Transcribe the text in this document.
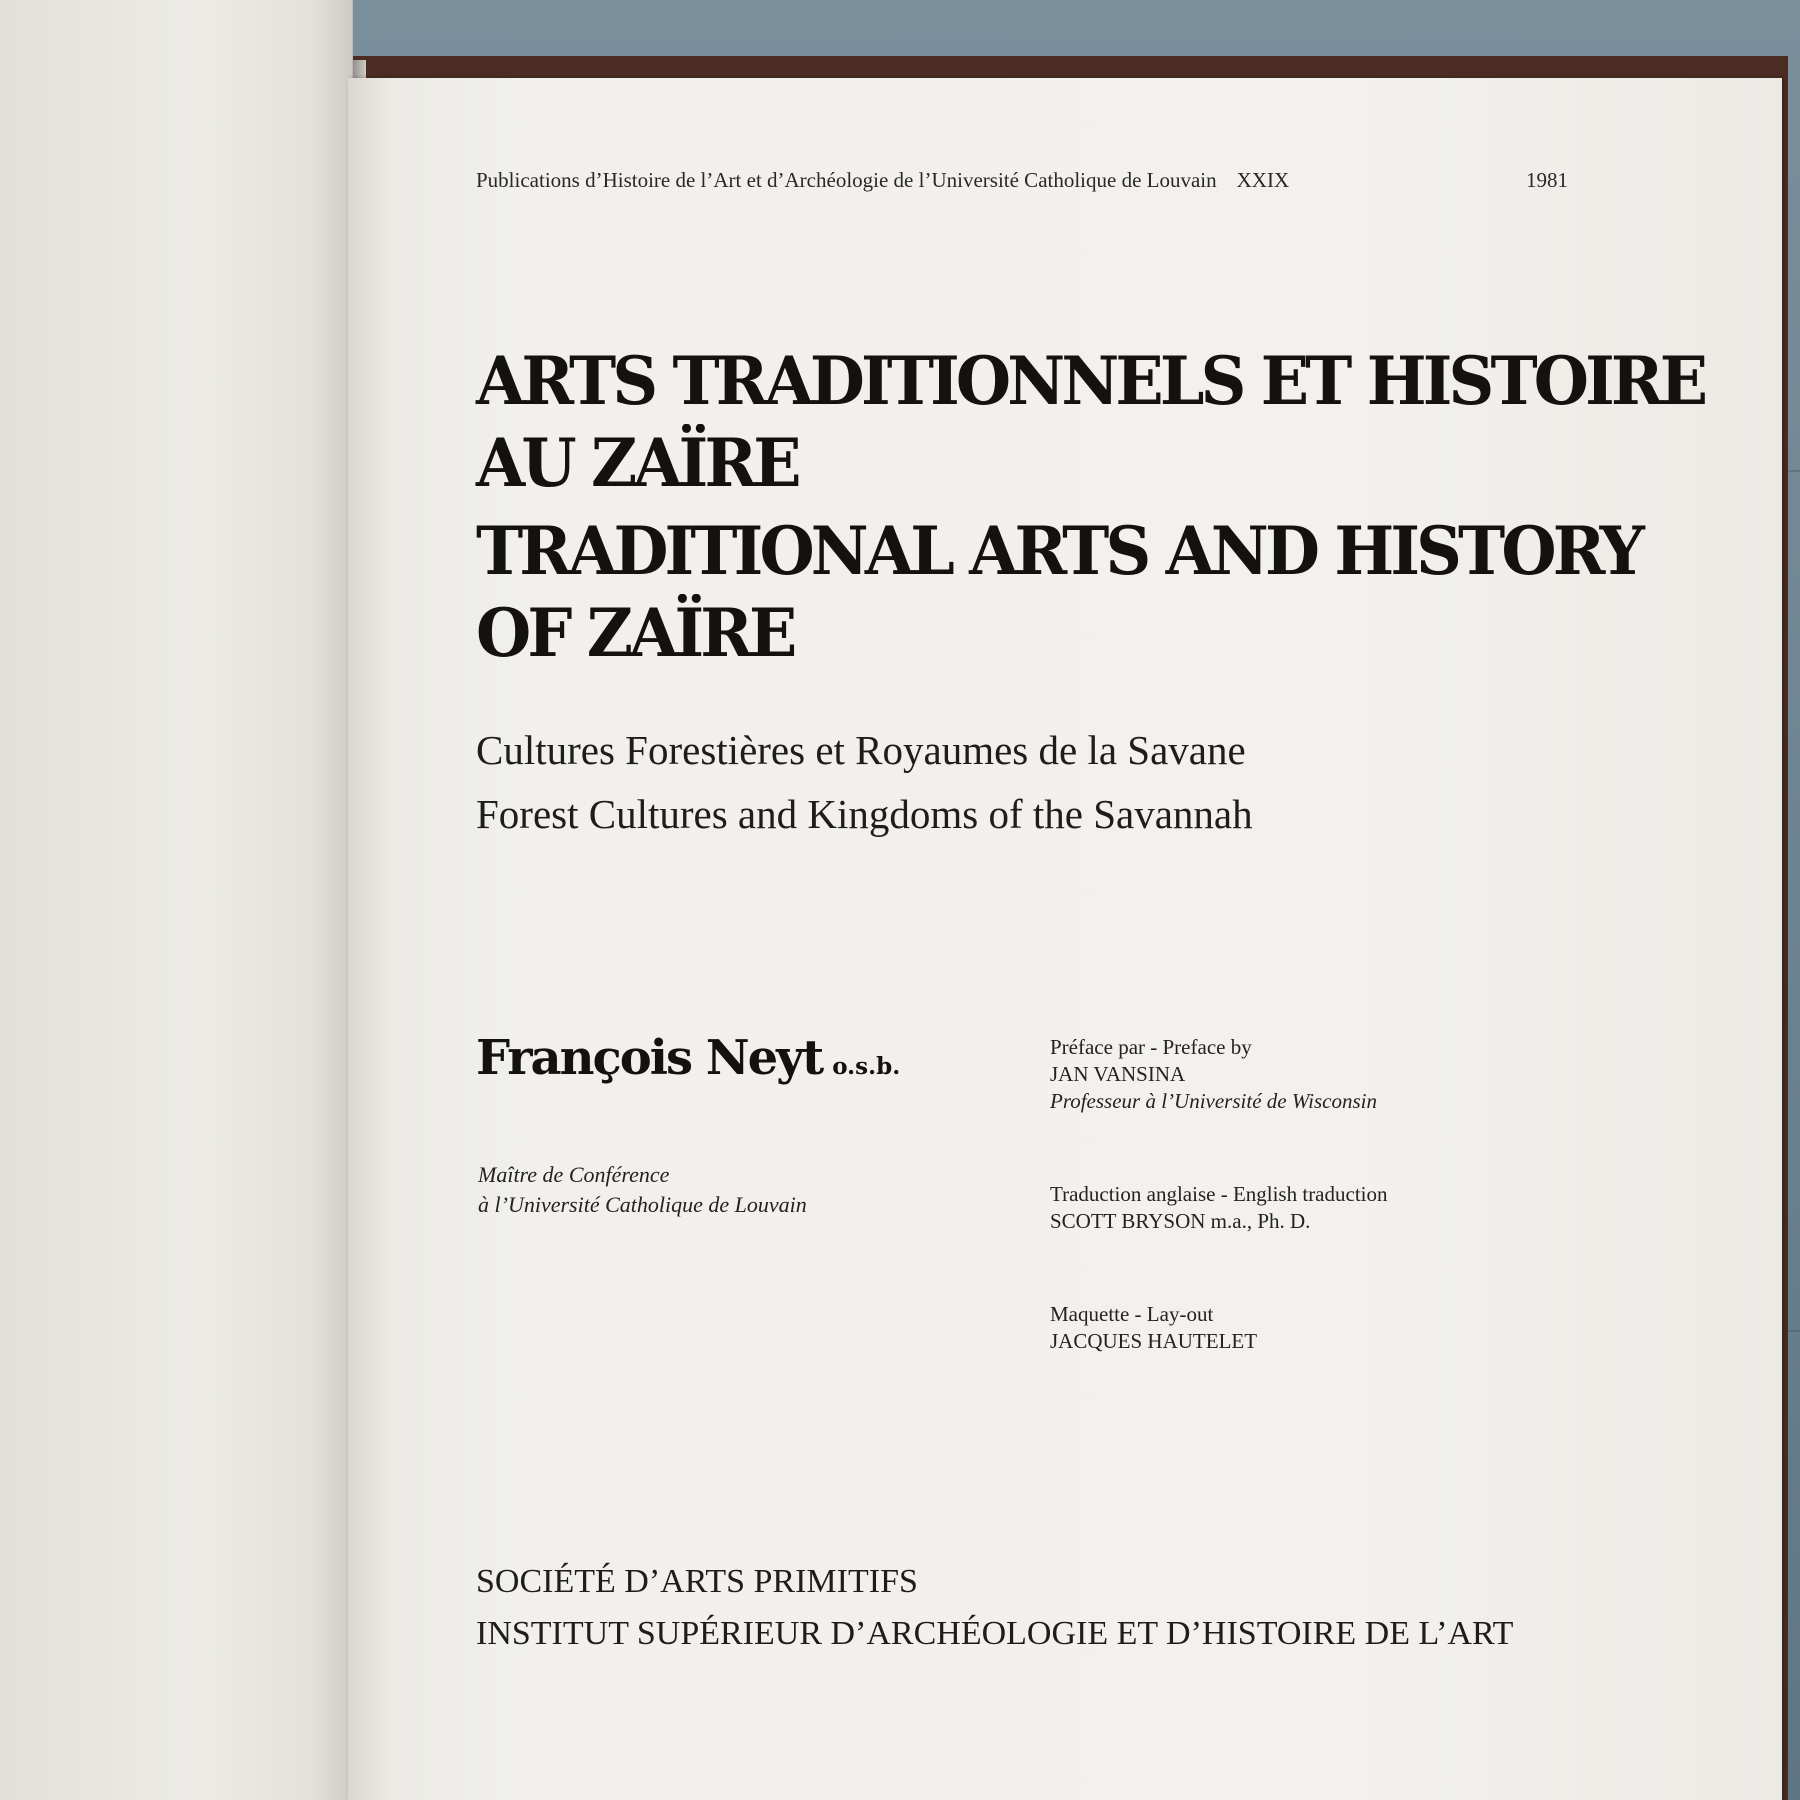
Publications d’Histoire de l’Art et d’Archéologie de l’Université Catholique de Louvain XXIX	1981
ARTS TRADITIONNELS ET HISTOIRE
AU ZAÏRE
TRADITIONAL ARTS AND HISTORY
OF ZAÏRE
Cultures Forestières et Royaumes de la Savane
Forest Cultures and Kingdoms of the Savannah
François Neyt o.s.b.
Maître de Conférence
à l’Université Catholique de Louvain
Préface par - Preface by
JAN VANSINA
Professeur à l’Université de Wisconsin
Traduction anglaise - English traduction
SCOTT BRYSON m.a., Ph. D.
Maquette - Lay-out
JACQUES HAUTELET
SOCIÉTÉ D’ARTS PRIMITIFS
INSTITUT SUPÉRIEUR D’ARCHÉOLOGIE ET D’HISTOIRE DE L’ART
